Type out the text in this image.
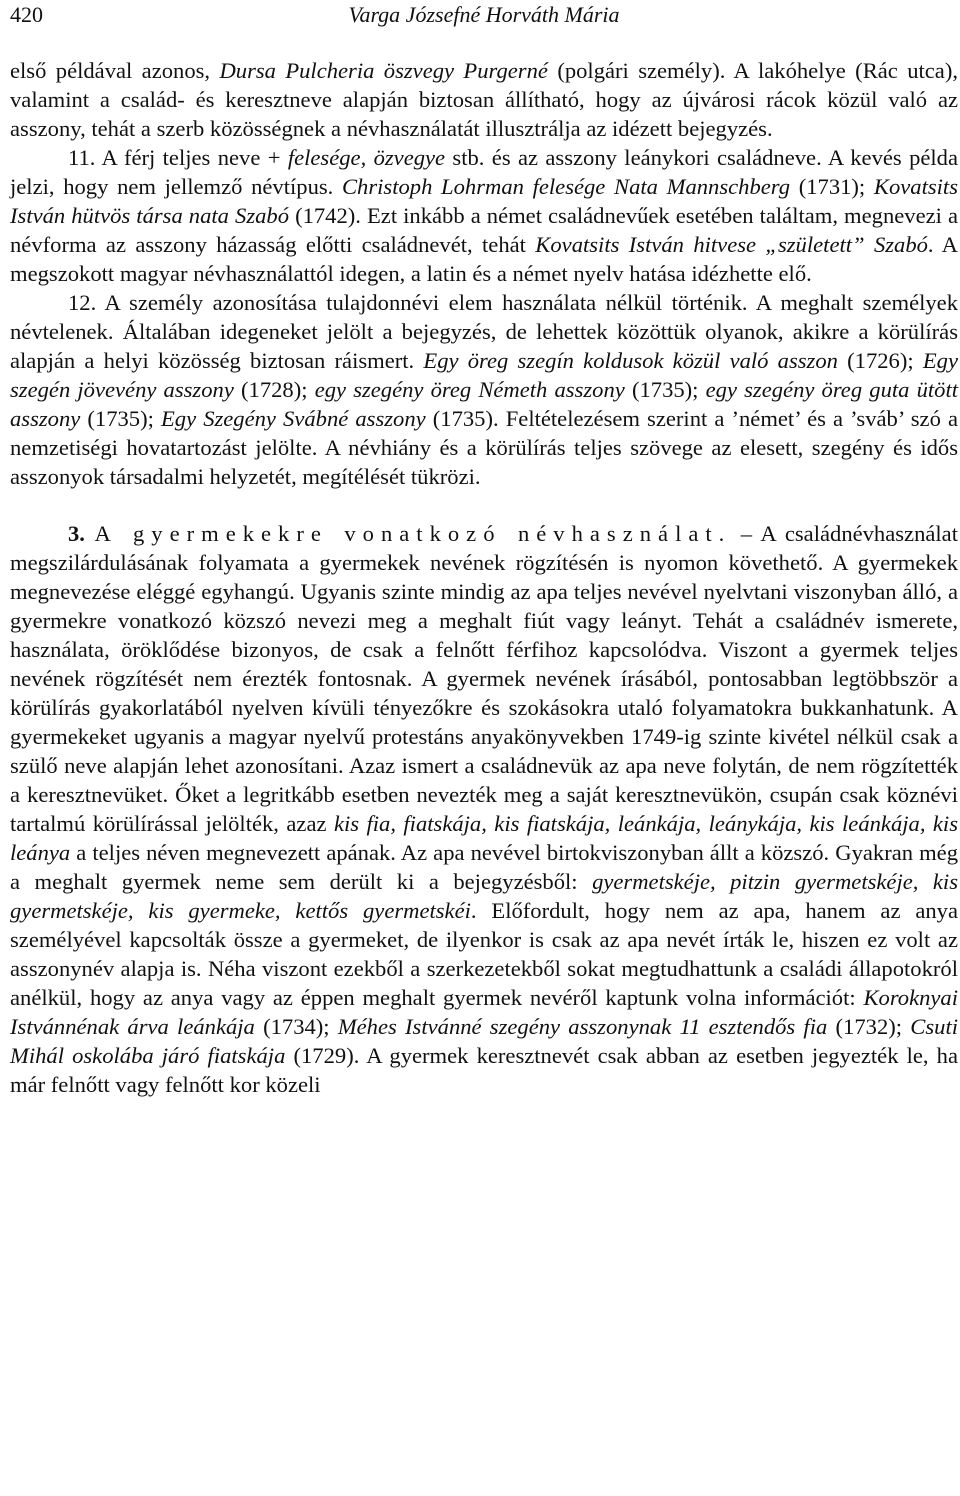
420	Varga Józsefné Horváth Mária

első példával azonos, Dursa Pulcheria öszvegy Purgerné (polgári személy). A lakóhelye (Rác utca), valamint a család- és keresztneve alapján biztosan állítható, hogy az újvárosi rácok közül való az asszony, tehát a szerb közösségnek a névhasználatát illusztrálja az idézett bejegyzés.

11. A férj teljes neve + felesége, özvegye stb. és az asszony leánykori családneve. A kevés példa jelzi, hogy nem jellemző névtípus. Christoph Lohrman felesége Nata Mannschberg (1731); Kovatsits István hütvös társa nata Szabó (1742). Ezt inkább a német családnevűek esetében találtam, megnevezi a névforma az asszony házasság előtti családnevét, tehát Kovatsits István hitvese „született” Szabó. A megszokott magyar névhasználattól idegen, a latin és a német nyelv hatása idézhette elő.

12. A személy azonosítása tulajdonnévi elem használata nélkül történik. A meghalt személyek névtelenek. Általában idegeneket jelölt a bejegyzés, de lehettek közöttük olyanok, akikre a körülírás alapján a helyi közösség biztosan ráismert. Egy öreg szegín koldusok közül való asszon (1726); Egy szegén jövevény asszony (1728); egy szegény öreg Németh asszony (1735); egy szegény öreg guta ütött asszony (1735); Egy Szegény Svábné asszony (1735). Feltételezésem szerint a ’német’ és a ’sváb’ szó a nemzetiségi hovatartozást jelölte. A névhiány és a körülírás teljes szövege az elesett, szegény és idős asszonyok társadalmi helyzetét, megítélését tükrözi.

3. A gyermekekre vonatkozó névhasználat. – A családnévhasználat megszilárdulásának folyamata a gyermekek nevének rögzítésén is nyomon követhető. A gyermekek megnevezése eléggé egyhangú. Ugyanis szinte mindig az apa teljes nevével nyelvtani viszonyban álló, a gyermekre vonatkozó közszó nevezi meg a meghalt fiút vagy leányt. Tehát a családnév ismerete, használata, öröklődése bizonyos, de csak a felnőtt férfihoz kapcsolódva. Viszont a gyermek teljes nevének rögzítését nem érezték fontosnak. A gyermek nevének írásából, pontosabban legtöbbször a körülírás gyakorlatából nyelven kívüli tényezőkre és szokásokra utaló folyamatokra bukkanhatunk. A gyermekeket ugyanis a magyar nyelvű protestáns anyakönyvekben 1749-ig szinte kivétel nélkül csak a szülő neve alapján lehet azonosítani. Azaz ismert a családnevük az apa neve folytán, de nem rögzítették a keresztnevüket. Őket a legritkább esetben nevezték meg a saját keresztnevükön, csupán csak köznévi tartalmú körülírással jelölték, azaz kis fia, fiatskája, kis fiatskája, leánkája, leánykája, kis leánkája, kis leánya a teljes néven megnevezett apának. Az apa nevével birtokviszonyban állt a közszó. Gyakran még a meghalt gyermek neme sem derült ki a bejegyzésből: gyermetskéje, pitzin gyermetskéje, kis gyermetskéje, kis gyermeke, kettős gyermetskéi. Előfordult, hogy nem az apa, hanem az anya személyével kapcsolták össze a gyermeket, de ilyenkor is csak az apa nevét írták le, hiszen ez volt az asszonynév alapja is. Néha viszont ezekből a szerkezetekből sokat megtudhattunk a családi állapotokról anélkül, hogy az anya vagy az éppen meghalt gyermek nevéről kaptunk volna információt: Koroknyai Istvánnénak árva leánkája (1734); Méhes Istvánné szegény asszonynak 11 esztendős fia (1732); Csuti Mihál oskolába járó fiatskája (1729). A gyermek keresztnevét csak abban az esetben jegyezték le, ha már felnőtt vagy felnőtt kor közeli
